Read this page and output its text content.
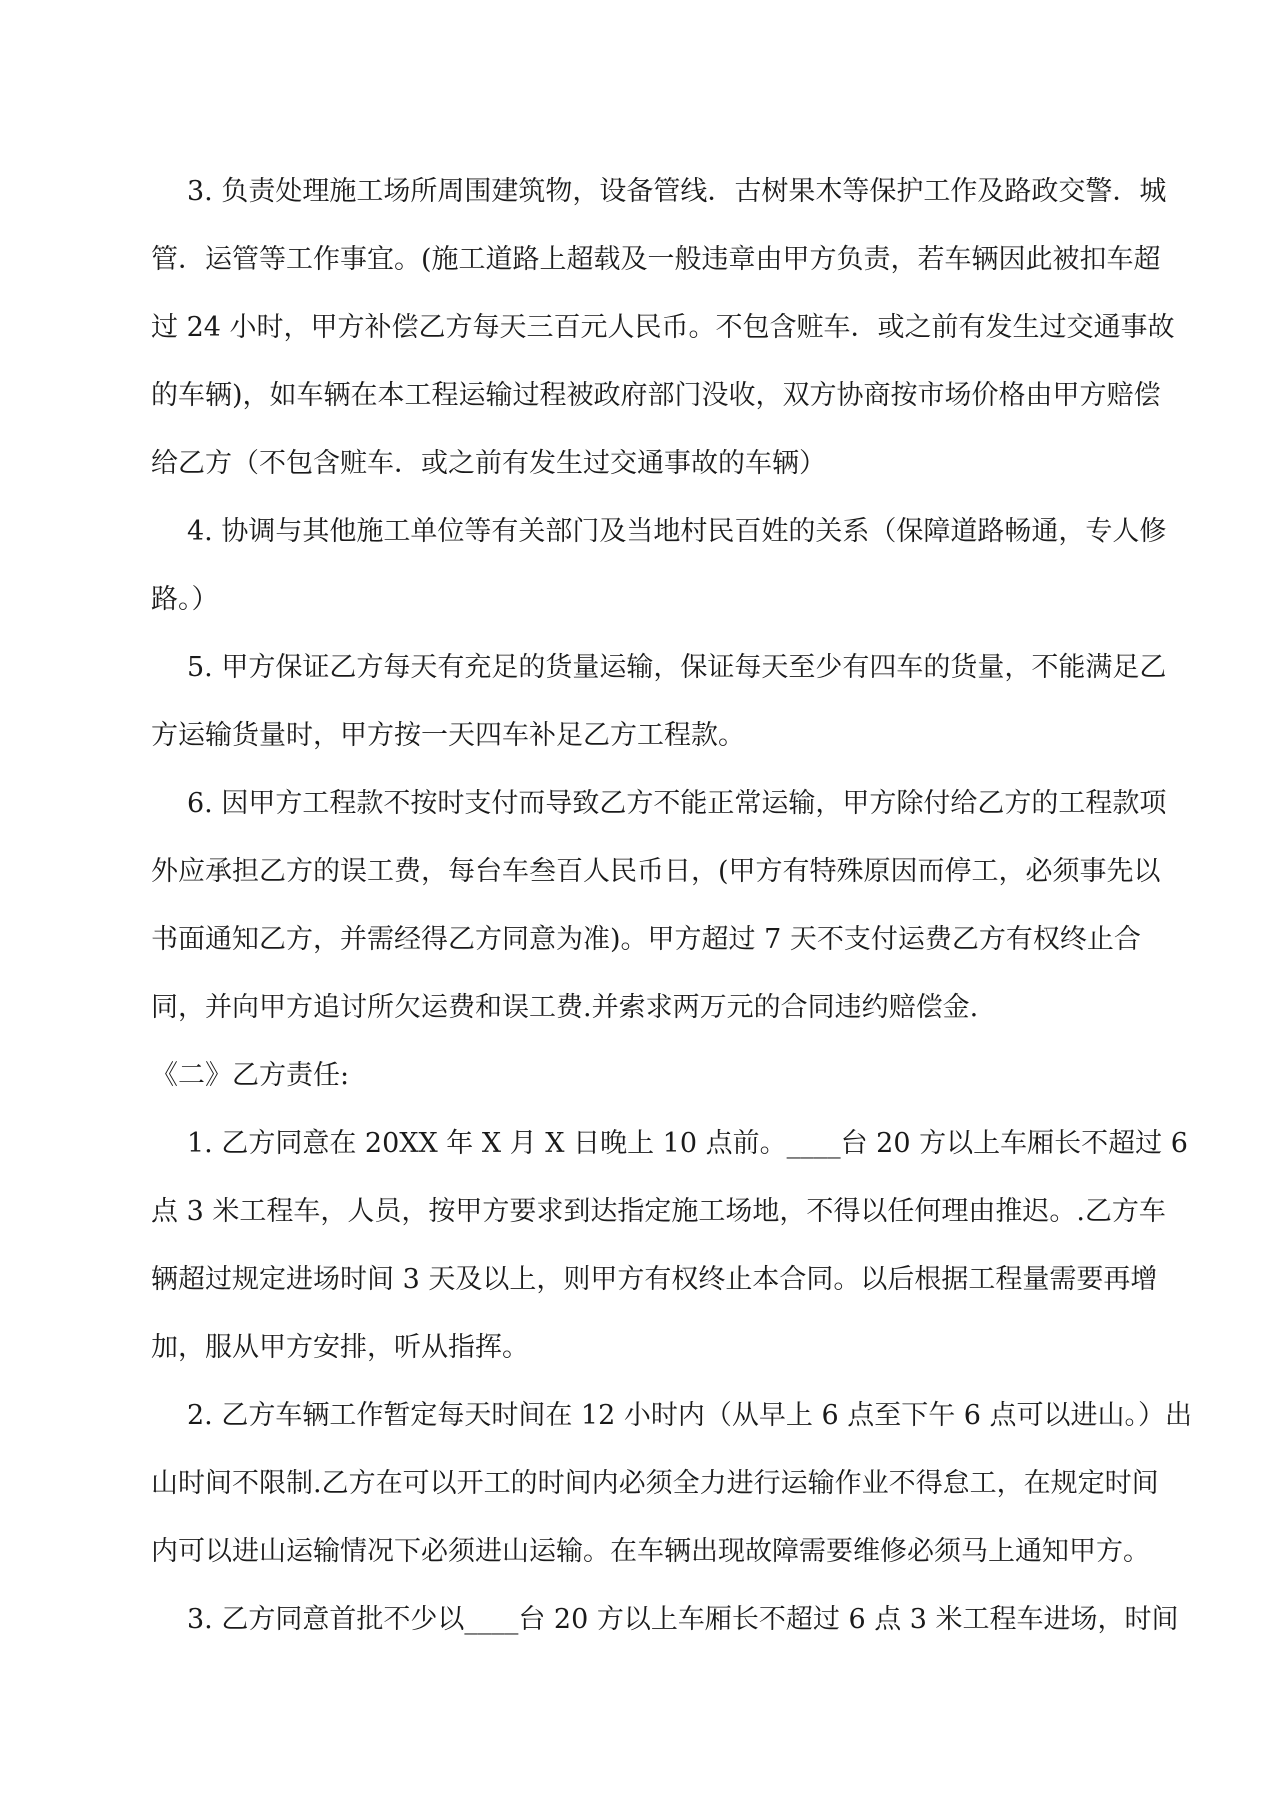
3. 负责处理施工场所周围建筑物，设备管线．古树果木等保护工作及路政交警．城
管．运管等工作事宜。(施工道路上超载及一般违章由甲方负责，若车辆因此被扣车超
过 24 小时，甲方补偿乙方每天三百元人民币。不包含赃车．或之前有发生过交通事故
的车辆)，如车辆在本工程运输过程被政府部门没收，双方协商按市场价格由甲方赔偿
给乙方（不包含赃车．或之前有发生过交通事故的车辆）
4. 协调与其他施工单位等有关部门及当地村民百姓的关系（保障道路畅通，专人修
路。）
5. 甲方保证乙方每天有充足的货量运输，保证每天至少有四车的货量，不能满足乙
方运输货量时，甲方按一天四车补足乙方工程款。
6. 因甲方工程款不按时支付而导致乙方不能正常运输，甲方除付给乙方的工程款项
外应承担乙方的误工费，每台车叁百人民币日，(甲方有特殊原因而停工，必须事先以
书面通知乙方，并需经得乙方同意为准)。甲方超过 7 天不支付运费乙方有权终止合
同，并向甲方追讨所欠运费和误工费.并索求两万元的合同违约赔偿金.
《二》乙方责任:
1. 乙方同意在 20XX 年 X 月 X 日晚上 10 点前。____台 20 方以上车厢长不超过 6
点 3 米工程车，人员，按甲方要求到达指定施工场地，不得以任何理由推迟。.乙方车
辆超过规定进场时间 3 天及以上，则甲方有权终止本合同。以后根据工程量需要再增
加，服从甲方安排，听从指挥。
2. 乙方车辆工作暂定每天时间在 12 小时内（从早上 6 点至下午 6 点可以进山。）出
山时间不限制.乙方在可以开工的时间内必须全力进行运输作业不得怠工，在规定时间
内可以进山运输情况下必须进山运输。在车辆出现故障需要维修必须马上通知甲方。
3. 乙方同意首批不少以____台 20 方以上车厢长不超过 6 点 3 米工程车进场，时间
